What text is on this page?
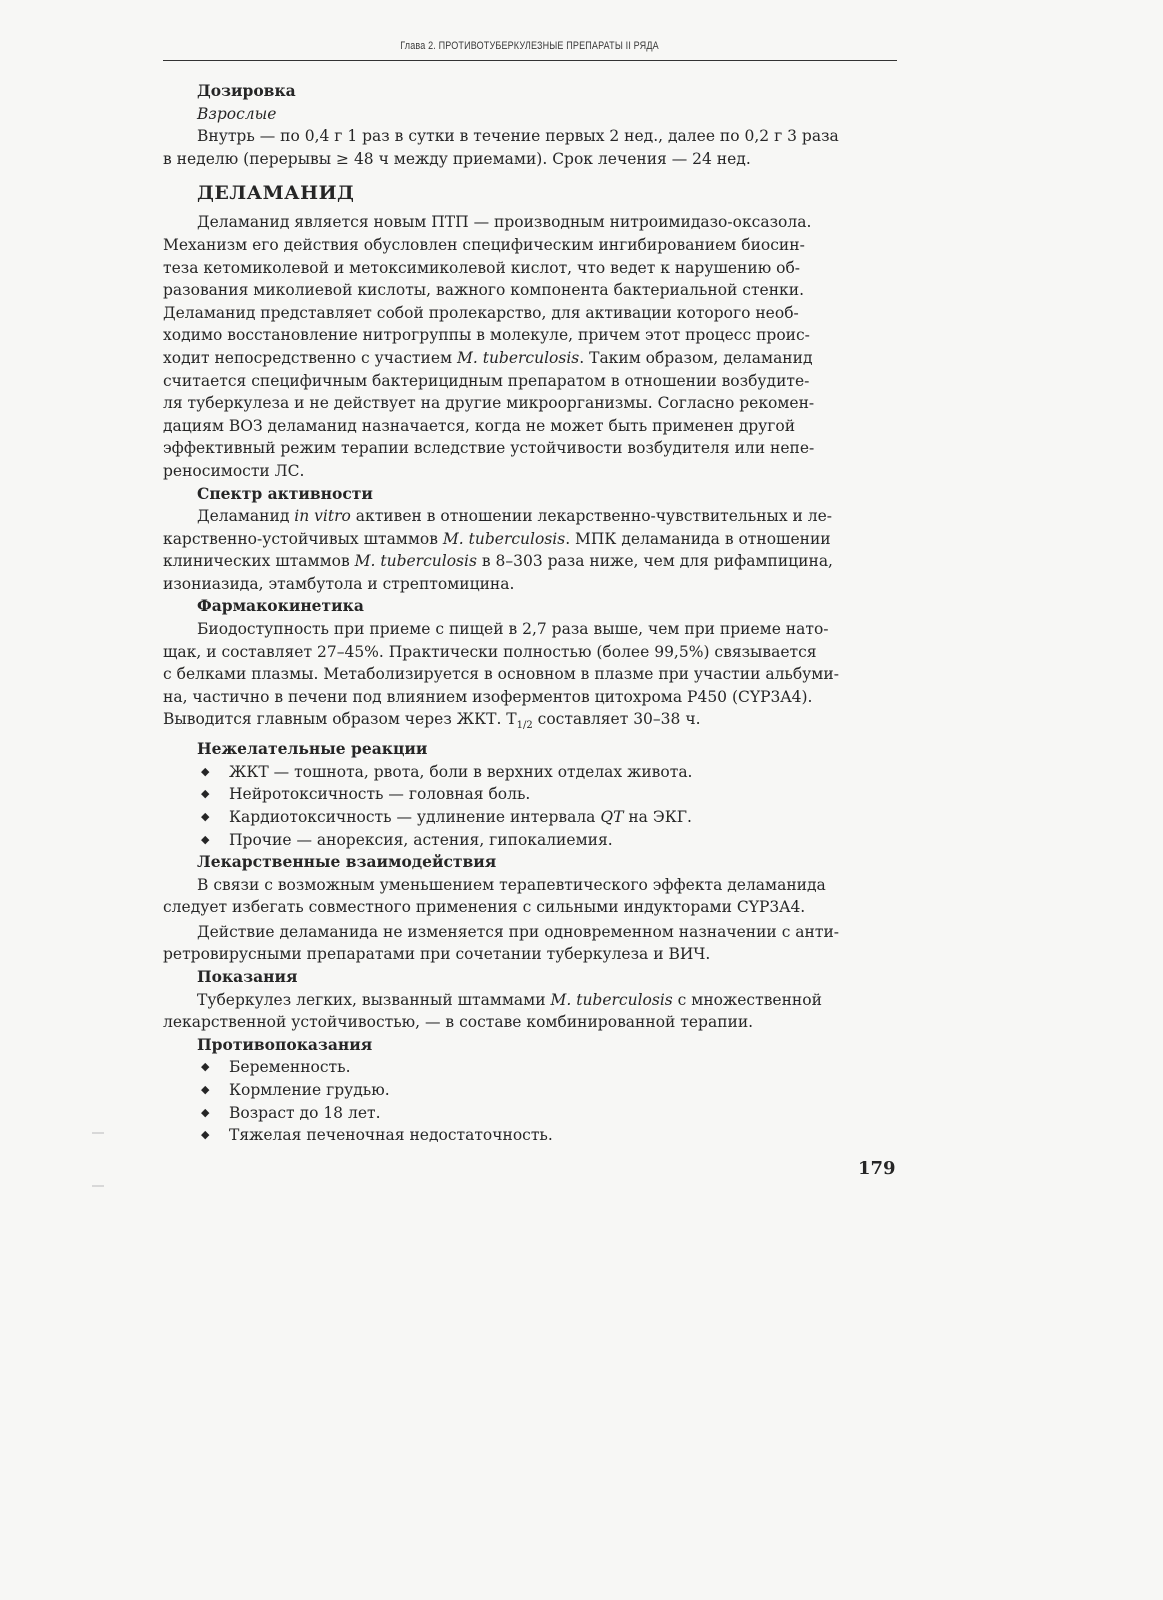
Глава 2. ПРОТИВОТУБЕРКУЛЕЗНЫЕ ПРЕПАРАТЫ II РЯДА

Дозировка

Взрослые

Внутрь — по 0,4 г 1 раз в сутки в течение первых 2 нед., далее по 0,2 г 3 раза
в неделю (перерывы ≥ 48 ч между приемами). Срок лечения — 24 нед.

ДЕЛАМАНИД

Деламанид является новым ПТП — производным нитроимидазо-оксазола.
Механизм его действия обусловлен специфическим ингибированием биосин-
теза кетомиколевой и метоксимиколевой кислот, что ведет к нарушению об-
разования миколиевой кислоты, важного компонента бактериальной стенки.
Деламанид представляет собой пролекарство, для активации которого необ-
ходимо восстановление нитрогруппы в молекуле, причем этот процесс проис-
ходит непосредственно с участием M. tuberculosis. Таким образом, деламанид
считается специфичным бактерицидным препаратом в отношении возбудите-
ля туберкулеза и не действует на другие микроорганизмы. Согласно рекомен-
дациям ВОЗ деламанид назначается, когда не может быть применен другой
эффективный режим терапии вследствие устойчивости возбудителя или непе-
реносимости ЛС.

Спектр активности

Деламанид in vitro активен в отношении лекарственно-чувствительных и ле-
карственно-устойчивых штаммов M. tuberculosis. МПК деламанида в отношении
клинических штаммов M. tuberculosis в 8–303 раза ниже, чем для рифампицина,
изониазида, этамбутола и стрептомицина.

Фармакокинетика

Биодоступность при приеме с пищей в 2,7 раза выше, чем при приеме нато-
щак, и составляет 27–45%. Практически полностью (более 99,5%) связывается
с белками плазмы. Метаболизируется в основном в плазме при участии альбуми-
на, частично в печени под влиянием изоферментов цитохрома P450 (CYP3A4).
Выводится главным образом через ЖКТ. $T_{1/2}$ составляет 30–38 ч.

Нежелательные реакции

◆ ЖКТ — тошнота, рвота, боли в верхних отделах живота.
◆ Нейротоксичность — головная боль.
◆ Кардиотоксичность — удлинение интервала QT на ЭКГ.
◆ Прочие — анорексия, астения, гипокалиемия.

Лекарственные взаимодействия

В связи с возможным уменьшением терапевтического эффекта деламанида
следует избегать совместного применения с сильными индукторами CYP3A4.

Действие деламанида не изменяется при одновременном назначении с анти-
ретровирусными препаратами при сочетании туберкулеза и ВИЧ.

Показания

Туберкулез легких, вызванный штаммами M. tuberculosis с множественной
лекарственной устойчивостью, — в составе комбинированной терапии.

Противопоказания

◆ Беременность.
◆ Кормление грудью.
◆ Возраст до 18 лет.
◆ Тяжелая печеночная недостаточность.
179
